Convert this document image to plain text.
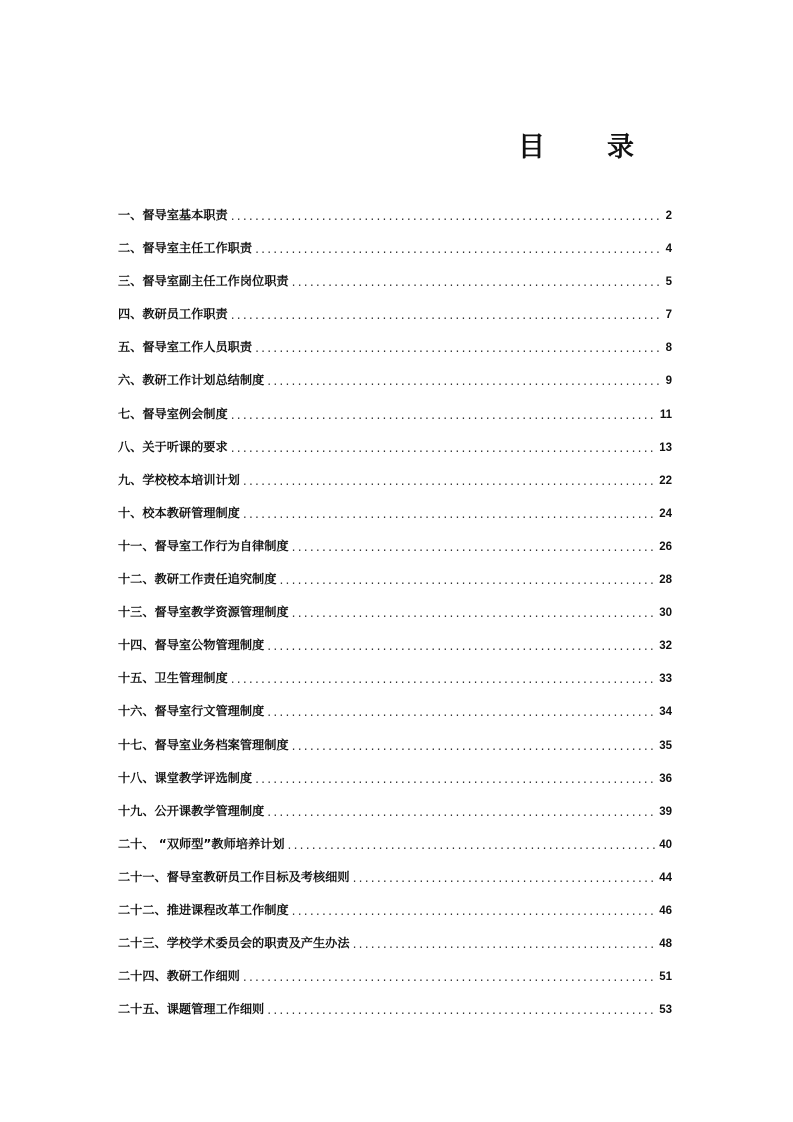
目 录
一、督导室基本职责 .....	2
二、督导室主任工作职责 .....	4
三、督导室副主任工作岗位职责 .....	5
四、教研员工作职责 .....	7
五、督导室工作人员职责 .....	8
六、教研工作计划总结制度 .....	9
七、督导室例会制度 .....	11
八、关于听课的要求 .....	13
九、学校校本培训计划 .....	22
十、校本教研管理制度 .....	24
十一、督导室工作行为自律制度 .....	26
十二、教研工作责任追究制度 .....	28
十三、督导室教学资源管理制度 .....	30
十四、督导室公物管理制度 .....	32
十五、卫生管理制度 .....	33
十六、督导室行文管理制度 .....	34
十七、督导室业务档案管理制度 .....	35
十八、课堂教学评选制度 .....	36
十九、公开课教学管理制度 .....	39
二十、 “双师型”教师培养计划 .....	40
二十一、督导室教研员工作目标及考核细则 .....	44
二十二、推进课程改革工作制度 .....	46
二十三、学校学术委员会的职责及产生办法 .....	48
二十四、教研工作细则 .....	51
二十五、课题管理工作细则 .....	53
